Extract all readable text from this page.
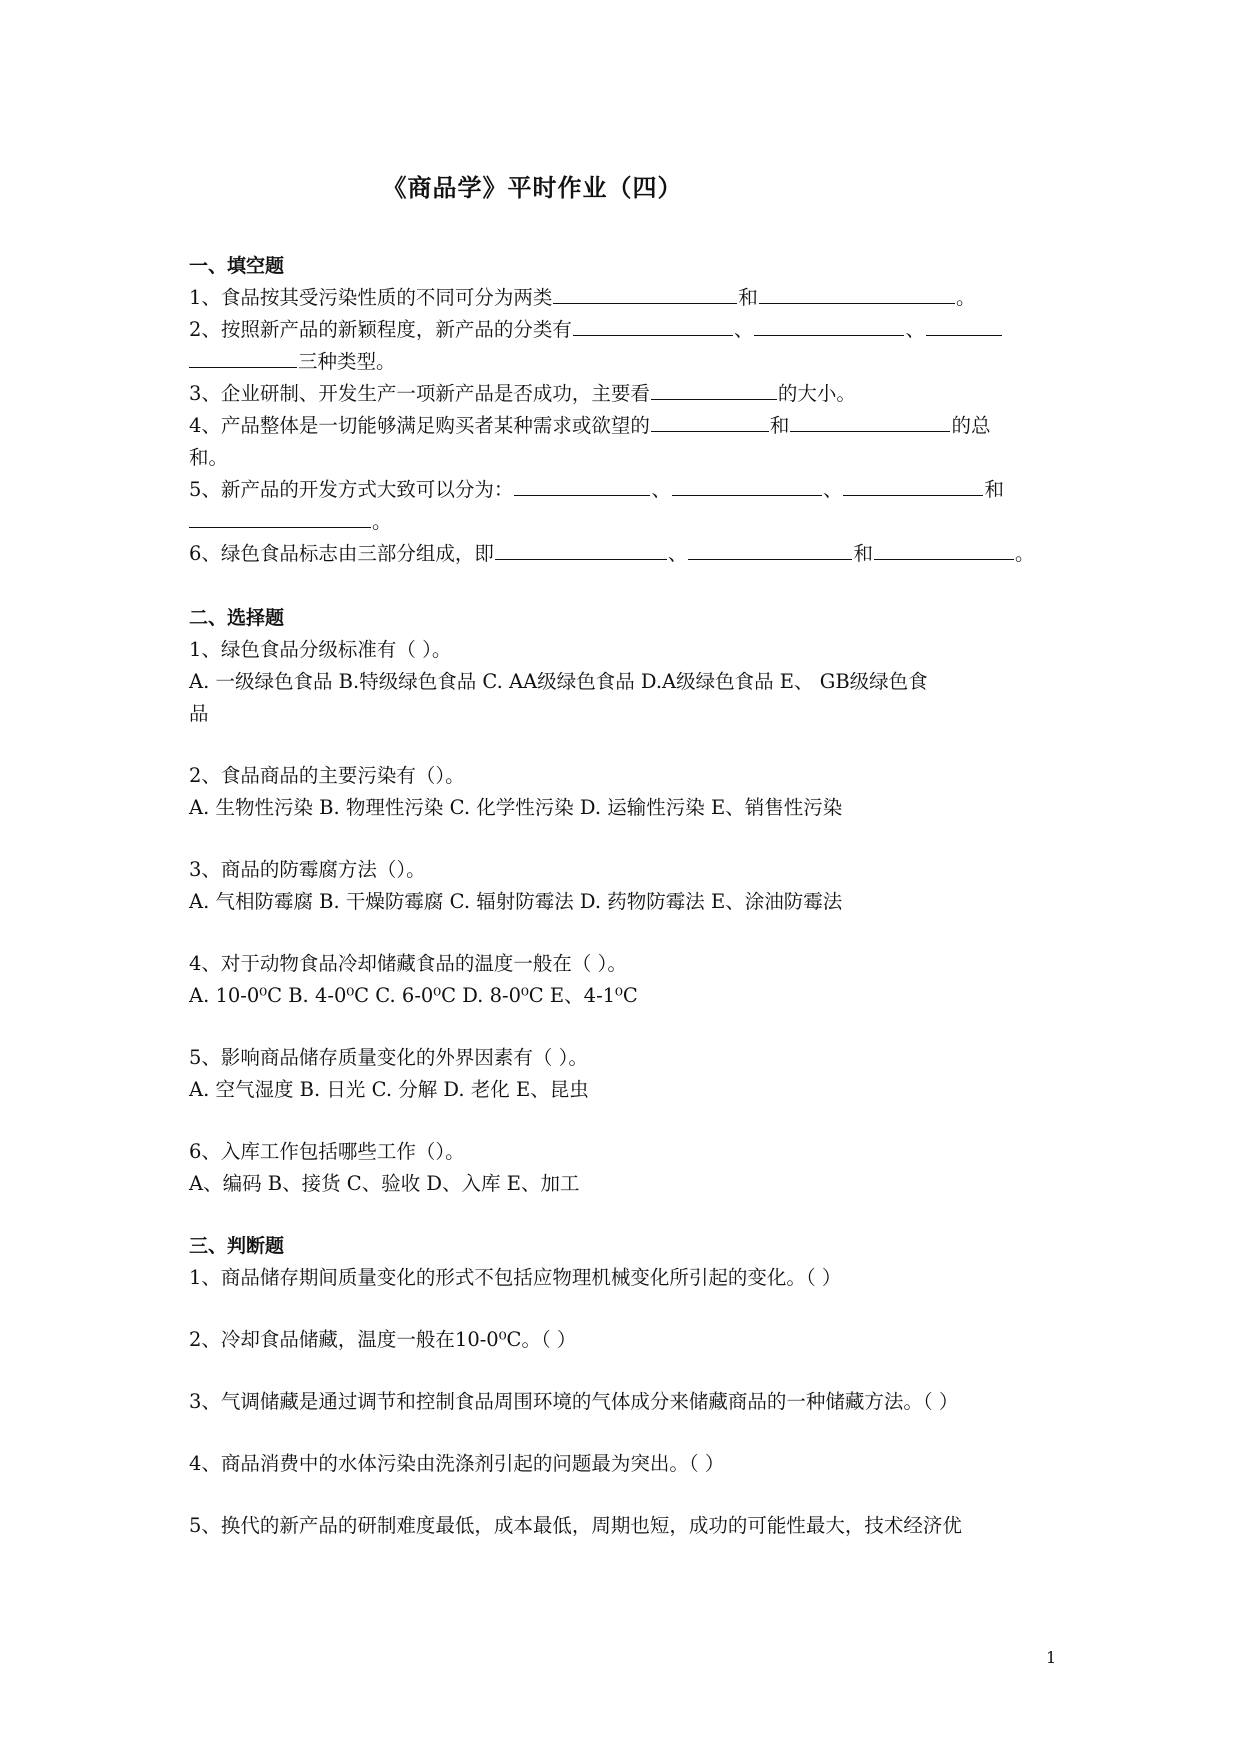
《商品学》平时作业（四）
一、填空题
1、食品按其受污染性质的不同可分为两类	和	。
2、按照新产品的新颖程度，新产品的分类有	、	、
三种类型。
3、企业研制、开发生产一项新产品是否成功，主要看	的大小。
4、产品整体是一切能够满足购买者某种需求或欲望的	和	的总
和。
5、新产品的开发方式大致可以分为：	、	、	和
。
6、绿色食品标志由三部分组成，即	、	和	。
二、选择题
1、绿色食品分级标准有（ ）。
A. 一级绿色食品 B.特级绿色食品 C. AA级绿色食品 D.A级绿色食品 E、 GB级绿色食
品
2、食品商品的主要污染有（）。
A. 生物性污染 B. 物理性污染 C. 化学性污染 D. 运输性污染 E、销售性污染
3、商品的防霉腐方法（）。
A. 气相防霉腐 B. 干燥防霉腐 C. 辐射防霉法 D. 药物防霉法 E、涂油防霉法
4、对于动物食品冷却储藏食品的温度一般在（ ）。
A. 10-0⁰C B. 4-0⁰C C. 6-0⁰C D. 8-0⁰C E、4-1⁰C
5、影响商品储存质量变化的外界因素有（ ）。
A. 空气湿度 B. 日光 C. 分解 D. 老化 E、昆虫
6、入库工作包括哪些工作（）。
A、编码 B、接货 C、验收 D、入库 E、加工
三、判断题
1、商品储存期间质量变化的形式不包括应物理机械变化所引起的变化。（ ）
2、冷却食品储藏，温度一般在10-0⁰C。（ ）
3、气调储藏是通过调节和控制食品周围环境的气体成分来储藏商品的一种储藏方法。（ ）
4、商品消费中的水体污染由洗涤剂引起的问题最为突出。（ ）
5、换代的新产品的研制难度最低，成本最低，周期也短，成功的可能性最大，技术经济优
1
